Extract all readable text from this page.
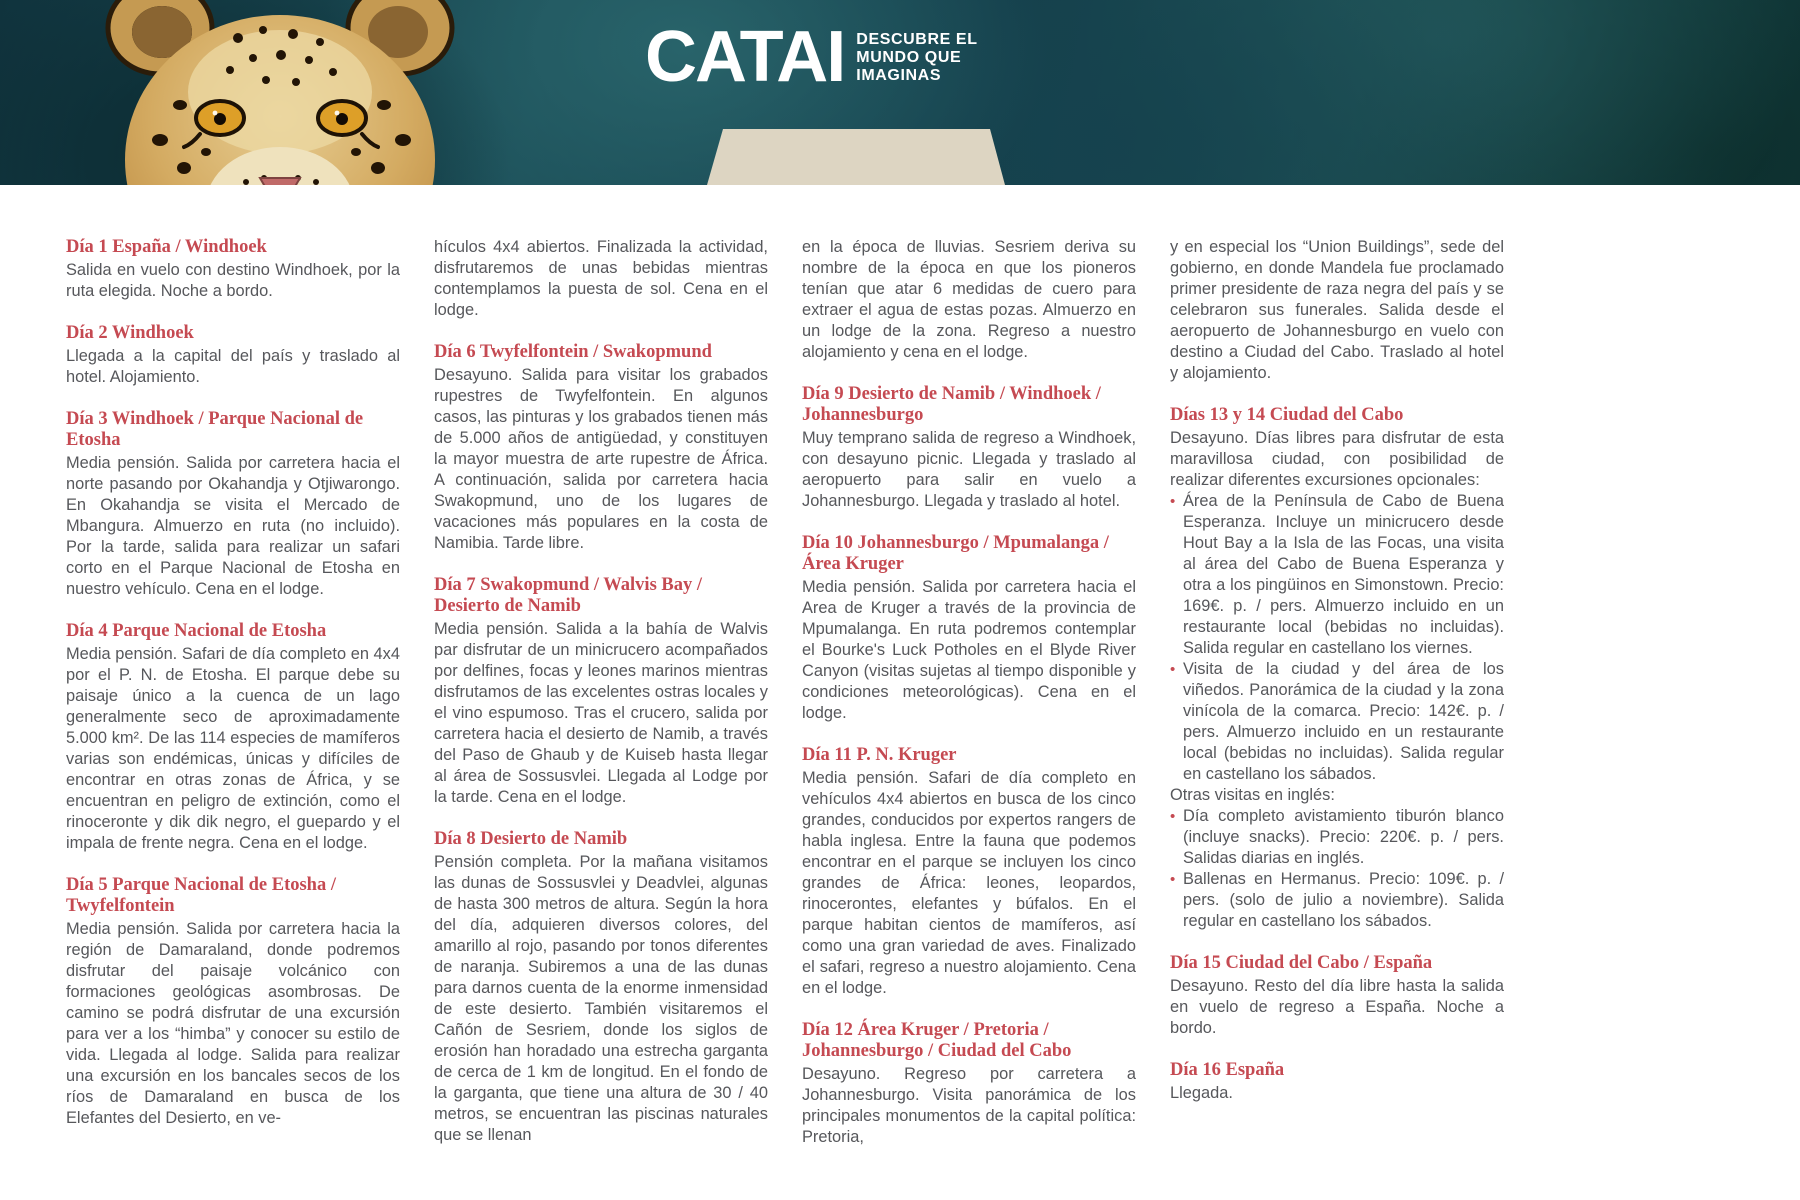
CATAI DESCUBRE EL
MUNDO QUE
IMAGINAS
Día 1 España / Windhoek

Salida en vuelo con destino Windhoek, por la ruta elegida. Noche a bordo.

Día 2 Windhoek

Llegada a la capital del país y traslado al hotel. Alojamiento.

Día 3 Windhoek / Parque Nacional de Etosha

Media pensión. Salida por carretera hacia el norte pasando por Okahandja y Otjiwarongo. En Okahandja se visita el Mercado de Mbangura. Almuerzo en ruta (no incluido). Por la tarde, salida para realizar un safari corto en el Parque Nacional de Etosha en nuestro vehículo. Cena en el lodge.

Día 4 Parque Nacional de Etosha

Media pensión. Safari de día completo en 4x4 por el P. N. de Etosha. El parque debe su paisaje único a la cuenca de un lago generalmente seco de aproximadamente 5.000 km². De las 114 especies de mamíferos varias son endémicas, únicas y difíciles de encontrar en otras zonas de África, y se encuentran en peligro de extinción, como el rinoceronte y dik dik negro, el guepardo y el impala de frente negra. Cena en el lodge.

Día 5 Parque Nacional de Etosha / Twyfelfontein

Media pensión. Salida por carretera hacia la región de Damaraland, donde podremos disfrutar del paisaje volcánico con formaciones geológicas asombrosas. De camino se podrá disfrutar de una excursión para ver a los “himba” y conocer su estilo de vida. Llegada al lodge. Salida para realizar una excursión en los bancales secos de los ríos de Damaraland en busca de los Elefantes del Desierto, en ve-

hículos 4x4 abiertos. Finalizada la actividad, disfrutaremos de unas bebidas mientras contemplamos la puesta de sol. Cena en el lodge.

Día 6 Twyfelfontein / Swakopmund

Desayuno. Salida para visitar los grabados rupestres de Twyfelfontein. En algunos casos, las pinturas y los grabados tienen más de 5.000 años de antigüedad, y constituyen la mayor muestra de arte rupestre de África. A continuación, salida por carretera hacia Swakopmund, uno de los lugares de vacaciones más populares en la costa de Namibia. Tarde libre.

Día 7 Swakopmund / Walvis Bay / Desierto de Namib

Media pensión. Salida a la bahía de Walvis par disfrutar de un minicrucero acompañados por delfines, focas y leones marinos mientras disfrutamos de las excelentes ostras locales y el vino espumoso. Tras el crucero, salida por carretera hacia el desierto de Namib, a través del Paso de Ghaub y de Kuiseb hasta llegar al área de Sossusvlei. Llegada al Lodge por la tarde. Cena en el lodge.

Día 8 Desierto de Namib

Pensión completa. Por la mañana visitamos las dunas de Sossusvlei y Deadvlei, algunas de hasta 300 metros de altura. Según la hora del día, adquieren diversos colores, del amarillo al rojo, pasando por tonos diferentes de naranja. Subiremos a una de las dunas para darnos cuenta de la enorme inmensidad de este desierto. También visitaremos el Cañón de Sesriem, donde los siglos de erosión han horadado una estrecha garganta de cerca de 1 km de longitud. En el fondo de la garganta, que tiene una altura de 30 / 40 metros, se encuentran las piscinas naturales que se llenan

en la época de lluvias. Sesriem deriva su nombre de la época en que los pioneros tenían que atar 6 medidas de cuero para extraer el agua de estas pozas. Almuerzo en un lodge de la zona. Regreso a nuestro alojamiento y cena en el lodge.

Día 9 Desierto de Namib / Windhoek / Johannesburgo

Muy temprano salida de regreso a Windhoek, con desayuno picnic. Llegada y traslado al aeropuerto para salir en vuelo a Johannesburgo. Llegada y traslado al hotel.

Día 10 Johannesburgo / Mpumalanga / Área Kruger

Media pensión. Salida por carretera hacia el Area de Kruger a través de la provincia de Mpumalanga. En ruta podremos contemplar el Bourke's Luck Potholes en el Blyde River Canyon (visitas sujetas al tiempo disponible y condiciones meteorológicas). Cena en el lodge.

Día 11 P. N. Kruger

Media pensión. Safari de día completo en vehículos 4x4 abiertos en busca de los cinco grandes, conducidos por expertos rangers de habla inglesa. Entre la fauna que podemos encontrar en el parque se incluyen los cinco grandes de África: leones, leopardos, rinocerontes, elefantes y búfalos. En el parque habitan cientos de mamíferos, así como una gran variedad de aves. Finalizado el safari, regreso a nuestro alojamiento. Cena en el lodge.

Día 12 Área Kruger / Pretoria / Johannesburgo / Ciudad del Cabo

Desayuno. Regreso por carretera a Johannesburgo. Visita panorámica de los principales monumentos de la capital política: Pretoria,

y en especial los “Union Buildings”, sede del gobierno, en donde Mandela fue proclamado primer presidente de raza negra del país y se celebraron sus funerales. Salida desde el aeropuerto de Johannesburgo en vuelo con destino a Ciudad del Cabo. Traslado al hotel y alojamiento.

Días 13 y 14 Ciudad del Cabo

Desayuno. Días libres para disfrutar de esta maravillosa ciudad, con posibilidad de realizar diferentes excursiones opcionales:

• Área de la Península de Cabo de Buena Esperanza. Incluye un minicrucero desde Hout Bay a la Isla de las Focas, una visita al área del Cabo de Buena Esperanza y otra a los pingüinos en Simonstown. Precio: 169€. p. / pers. Almuerzo incluido en un restaurante local (bebidas no incluidas). Salida regular en castellano los viernes.
• Visita de la ciudad y del área de los viñedos. Panorámica de la ciudad y la zona vinícola de la comarca. Precio: 142€. p. / pers. Almuerzo incluido en un restaurante local (bebidas no incluidas). Salida regular en castellano los sábados.

Otras visitas en inglés:

• Día completo avistamiento tiburón blanco (incluye snacks). Precio: 220€. p. / pers. Salidas diarias en inglés.
• Ballenas en Hermanus. Precio: 109€. p. / pers. (solo de julio a noviembre). Salida regular en castellano los sábados.
Día 15 Ciudad del Cabo / España

Desayuno. Resto del día libre hasta la salida en vuelo de regreso a España. Noche a bordo.

Día 16 España

Llegada.
